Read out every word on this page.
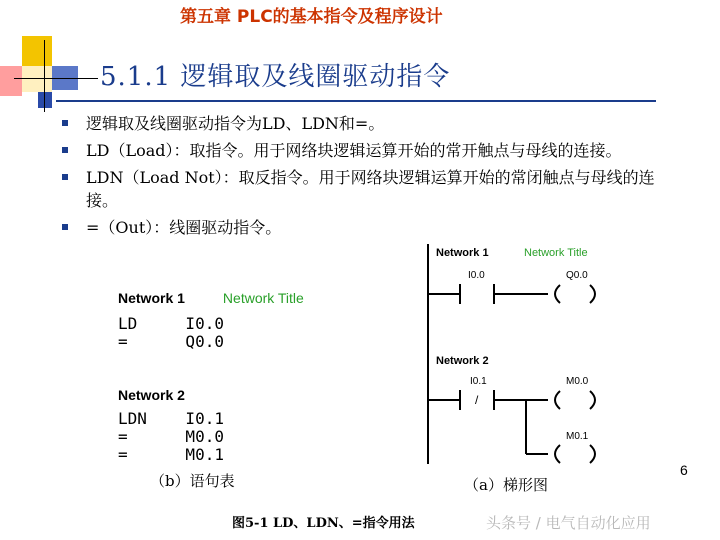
第五章 PLC的基本指令及程序设计
5.1.1 逻辑取及线圈驱动指令
逻辑取及线圈驱动指令为LD、LDN和=。
LD（Load）：取指令。用于网络块逻辑运算开始的常开触点与母线的连接。
LDN（Load Not）：取反指令。用于网络块逻辑运算开始的常闭触点与母线的连接。
=（Out）：线圈驱动指令。
Network 1	Network Title
LD     I0.0
=      Q0.0
Network 2
LDN    I0.1
=      M0.0
=      M0.1
（b）语句表
Network 1	Network Title
I0.0	Q0.0
Network 2
I0.1
/
M0.0
M0.1
（a）梯形图
6
图5-1 LD、LDN、=指令用法	头条号 / 电气自动化应用
